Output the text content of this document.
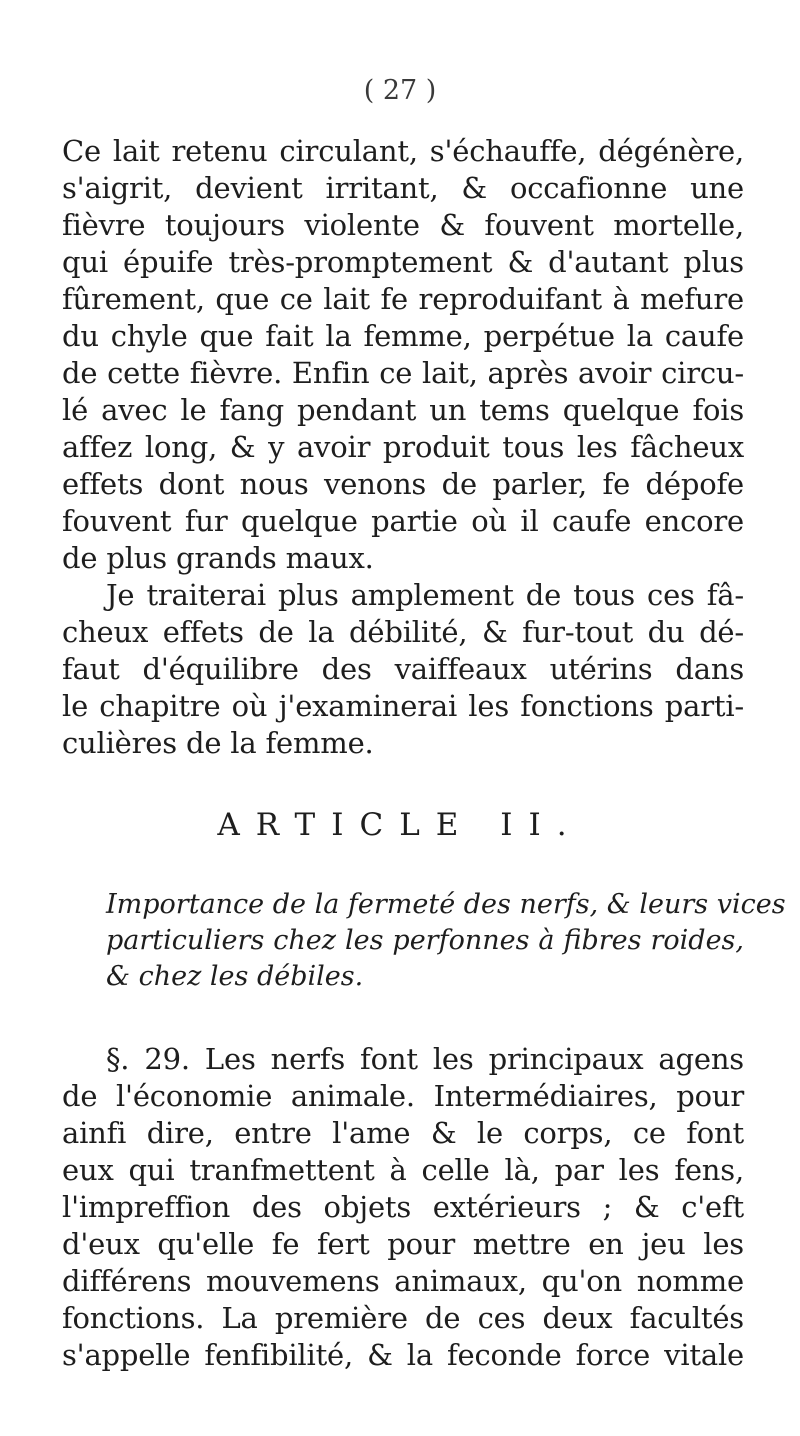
( 27 )
Ce lait retenu circulant, s'échauffe, dégénère,
s'aigrit, devient irritant, & occafionne une
fièvre toujours violente & fouvent mortelle,
qui épuife très-promptement & d'autant plus
fûrement, que ce lait fe reproduifant à mefure
du chyle que fait la femme, perpétue la caufe
de cette fièvre. Enfin ce lait, après avoir circu-
lé avec le fang pendant un tems quelque fois
affez long, & y avoir produit tous les fâcheux
effets dont nous venons de parler, fe dépofe
fouvent fur quelque partie où il caufe encore
de plus grands maux.
Je traiterai plus amplement de tous ces fâ-
cheux effets de la débilité, & fur-tout du dé-
faut d'équilibre des vaiffeaux utérins dans
le chapitre où j'examinerai les fonctions parti-
culières de la femme.
ARTICLE II.
Importance de la fermeté des nerfs, & leurs vices
particuliers chez les perfonnes à fibres roides,
& chez les débiles.
§. 29. Les nerfs font les principaux agens
de l'économie animale. Intermédiaires, pour
ainfi dire, entre l'ame & le corps, ce font
eux qui tranfmettent à celle là, par les fens,
l'impreffion des objets extérieurs ; & c'eft
d'eux qu'elle fe fert pour mettre en jeu les
différens mouvemens animaux, qu'on nomme
fonctions. La première de ces deux facultés
s'appelle fenfibilité, & la feconde force vitale
